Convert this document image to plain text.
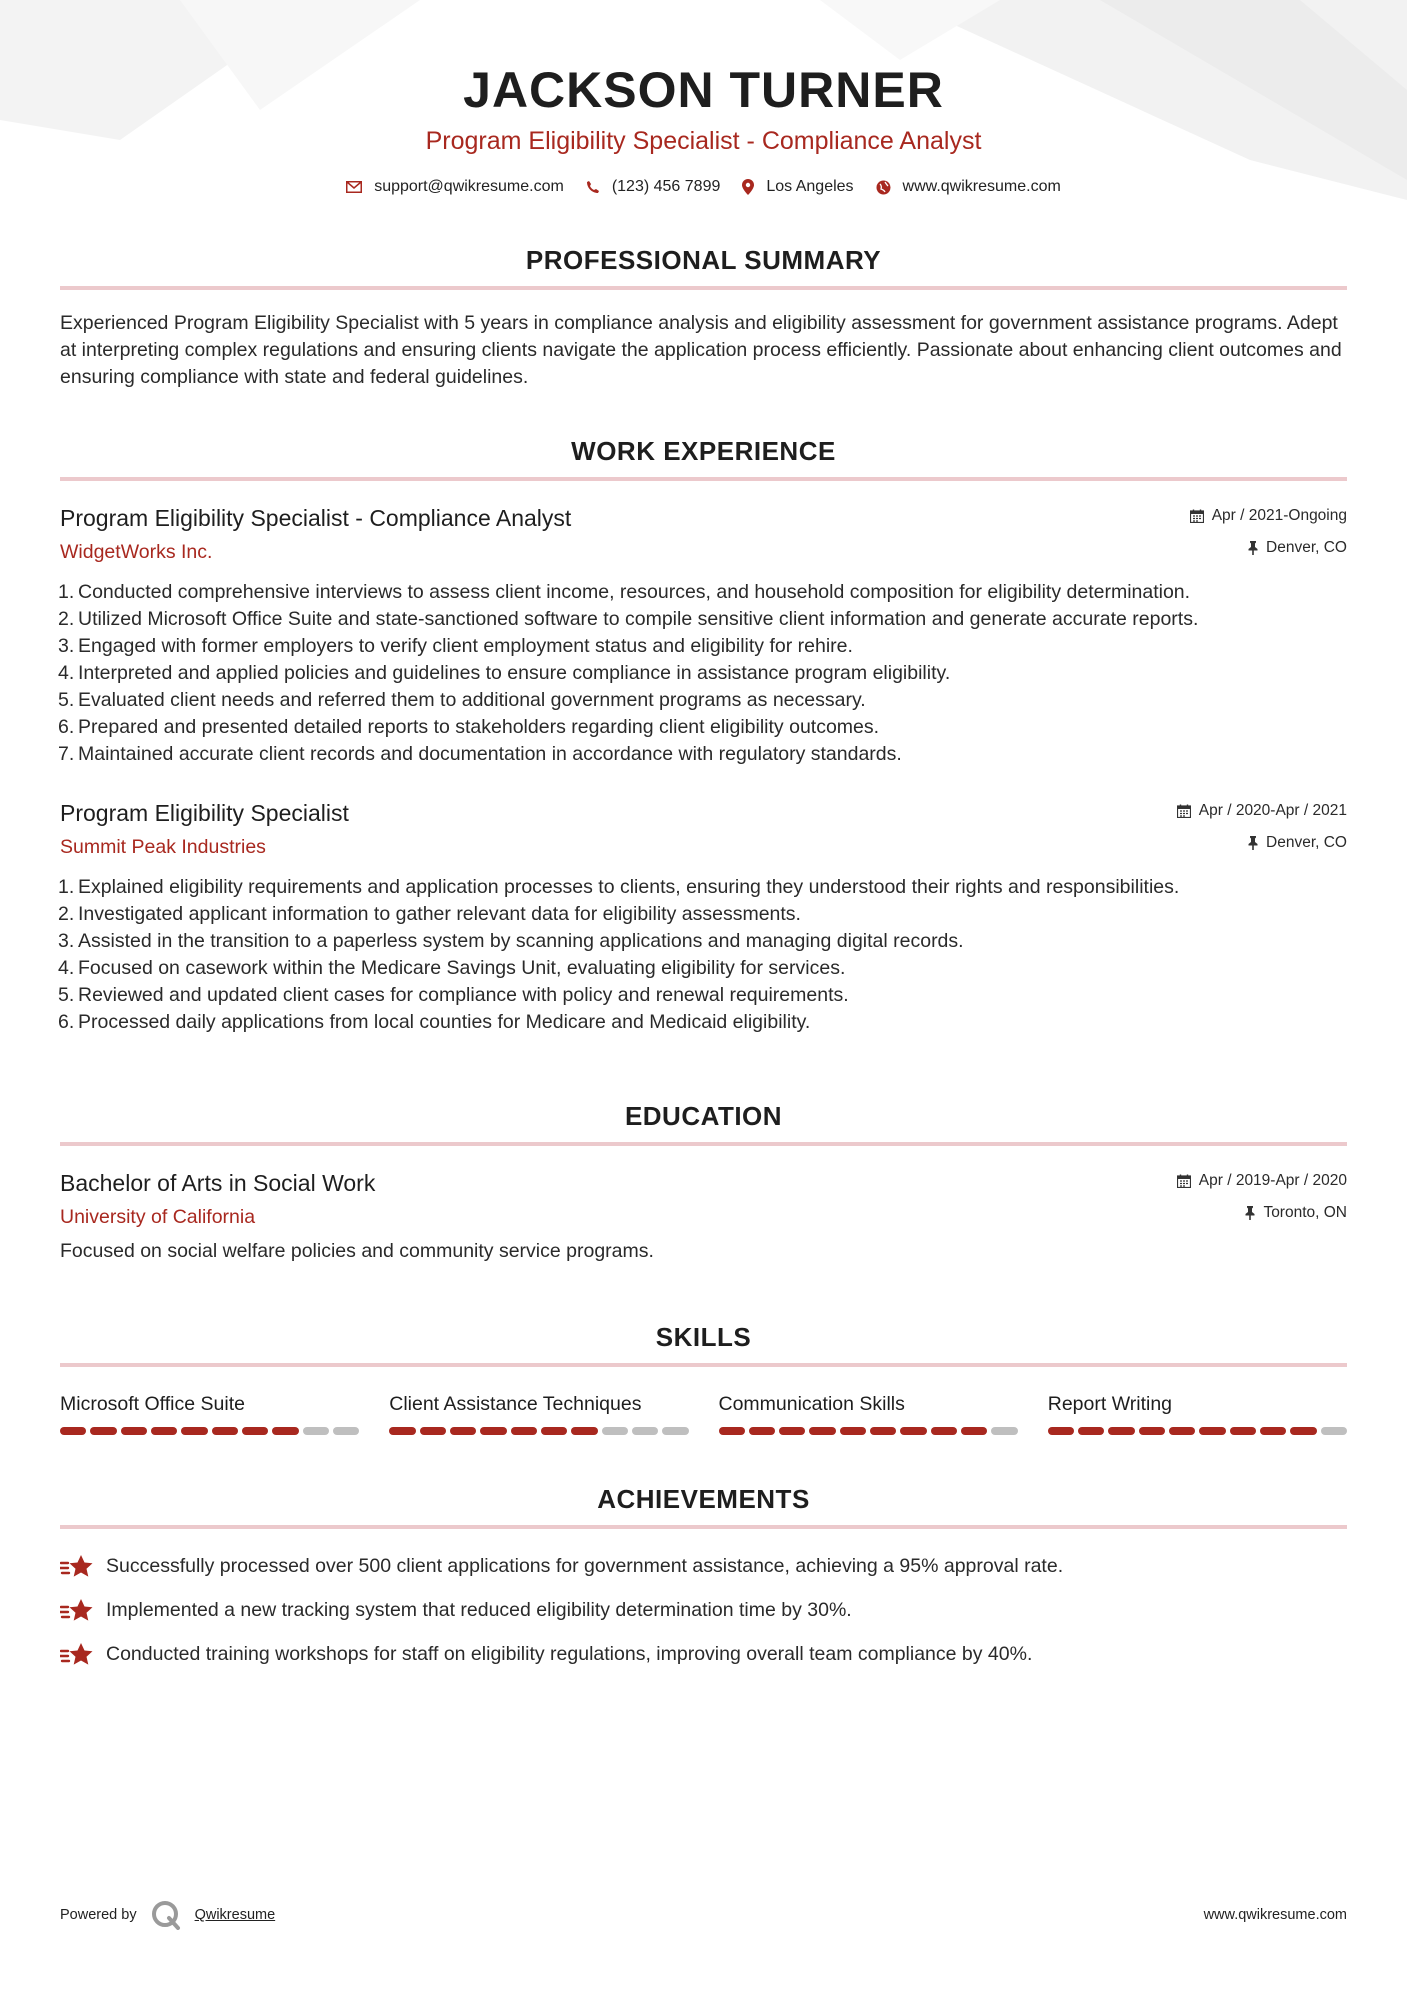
JACKSON TURNER
Program Eligibility Specialist - Compliance Analyst
support@qwikresume.com	(123) 456 7899	Los Angeles	www.qwikresume.com
PROFESSIONAL SUMMARY

Experienced Program Eligibility Specialist with 5 years in compliance analysis and eligibility assessment for government assistance programs. Adept at interpreting complex regulations and ensuring clients navigate the application process efficiently. Passionate about enhancing client outcomes and ensuring compliance with state and federal guidelines.

WORK EXPERIENCE
Program Eligibility Specialist - Compliance Analyst
WidgetWorks Inc.
Apr / 2021-Ongoing
Denver, CO
1. Conducted comprehensive interviews to assess client income, resources, and household composition for eligibility determination.
2. Utilized Microsoft Office Suite and state-sanctioned software to compile sensitive client information and generate accurate reports.
3. Engaged with former employers to verify client employment status and eligibility for rehire.
4. Interpreted and applied policies and guidelines to ensure compliance in assistance program eligibility.
5. Evaluated client needs and referred them to additional government programs as necessary.
6. Prepared and presented detailed reports to stakeholders regarding client eligibility outcomes.
7. Maintained accurate client records and documentation in accordance with regulatory standards.
Program Eligibility Specialist
Summit Peak Industries
Apr / 2020-Apr / 2021
Denver, CO
1. Explained eligibility requirements and application processes to clients, ensuring they understood their rights and responsibilities.
2. Investigated applicant information to gather relevant data for eligibility assessments.
3. Assisted in the transition to a paperless system by scanning applications and managing digital records.
4. Focused on casework within the Medicare Savings Unit, evaluating eligibility for services.
5. Reviewed and updated client cases for compliance with policy and renewal requirements.
6. Processed daily applications from local counties for Medicare and Medicaid eligibility.
EDUCATION
Bachelor of Arts in Social Work
University of California
Apr / 2019-Apr / 2020
Toronto, ON

Focused on social welfare policies and community service programs.

SKILLS
Microsoft Office Suite	Client Assistance Techniques	Communication Skills	Report Writing
ACHIEVEMENTS
Successfully processed over 500 client applications for government assistance, achieving a 95% approval rate.
Implemented a new tracking system that reduced eligibility determination time by 30%.
Conducted training workshops for staff on eligibility regulations, improving overall team compliance by 40%.
Powered by	Qwikresume	www.qwikresume.com
